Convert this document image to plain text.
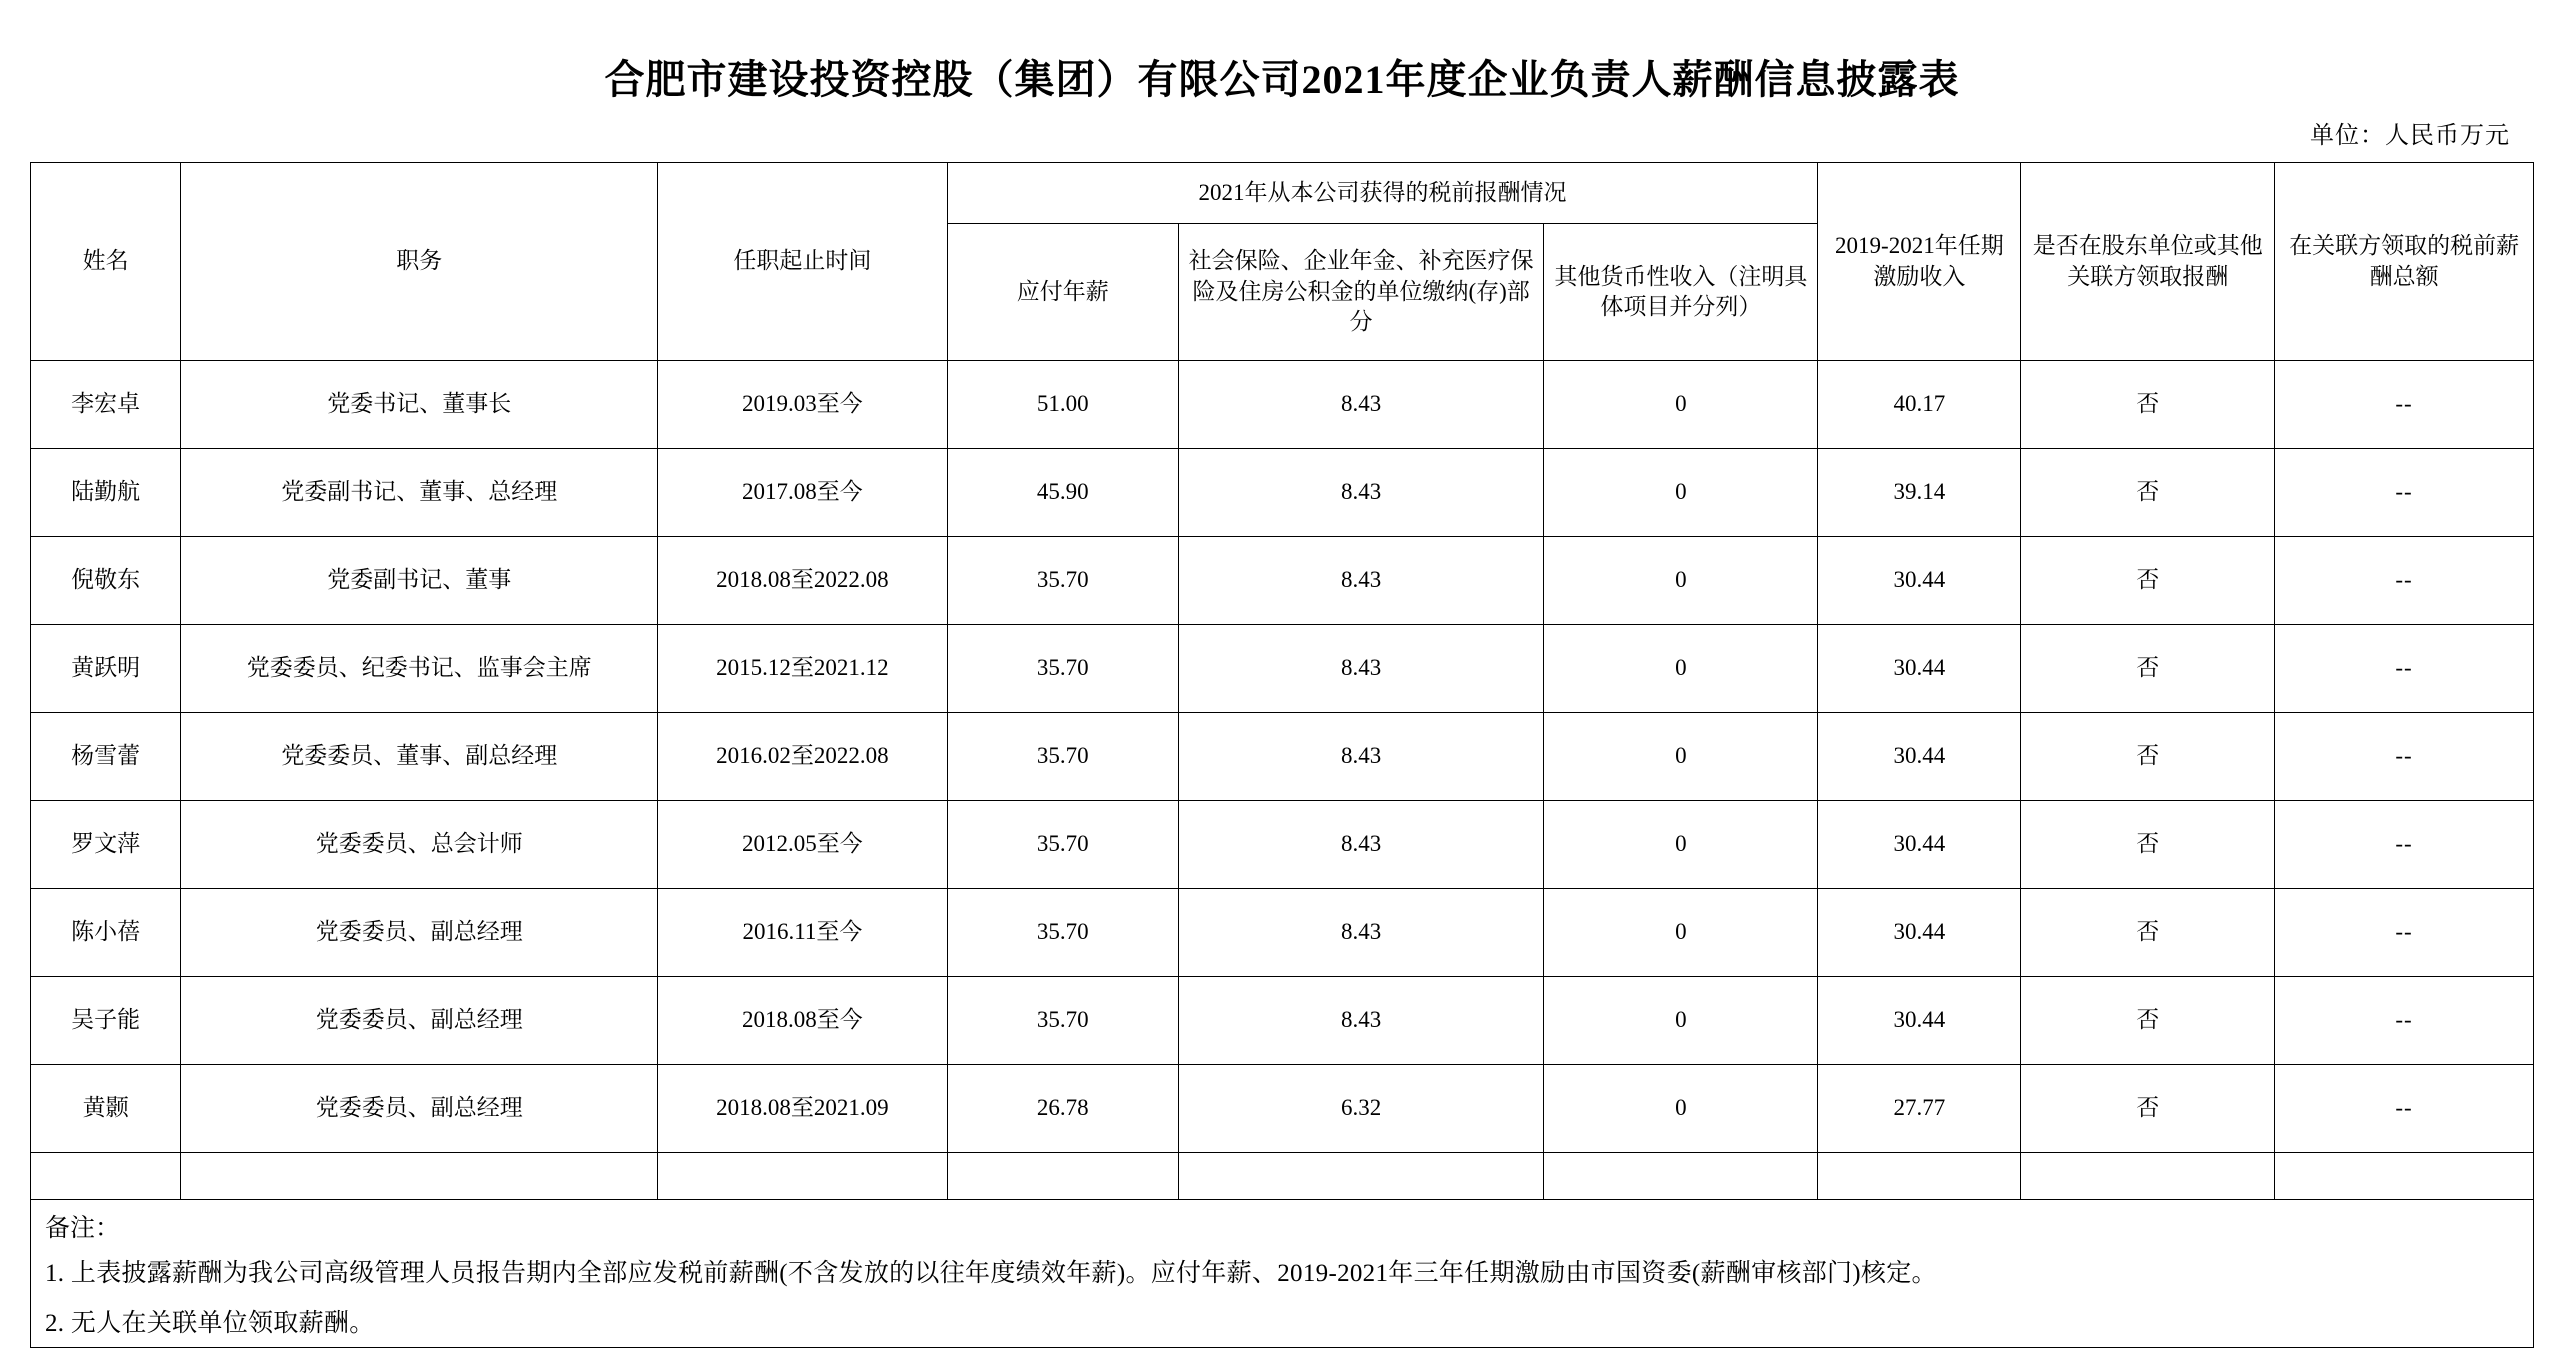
合肥市建设投资控股（集团）有限公司2021年度企业负责人薪酬信息披露表
单位：人民币万元
姓名	职务	任职起止时间	2021年从本公司获得的税前报酬情况			2019-2021年任期激励收入	是否在股东单位或其他关联方领取报酬	在关联方领取的税前薪酬总额
			应付年薪	社会保险、企业年金、补充医疗保险及住房公积金的单位缴纳(存)部分	其他货币性收入（注明具体项目并分列）			
李宏卓	党委书记、董事长	2019.03至今	51.00	8.43	0	40.17	否	--
陆勤航	党委副书记、董事、总经理	2017.08至今	45.90	8.43	0	39.14	否	--
倪敬东	党委副书记、董事	2018.08至2022.08	35.70	8.43	0	30.44	否	--
黄跃明	党委委员、纪委书记、监事会主席	2015.12至2021.12	35.70	8.43	0	30.44	否	--
杨雪蕾	党委委员、董事、副总经理	2016.02至2022.08	35.70	8.43	0	30.44	否	--
罗文萍	党委委员、总会计师	2012.05至今	35.70	8.43	0	30.44	否	--
陈小蓓	党委委员、副总经理	2016.11至今	35.70	8.43	0	30.44	否	--
吴子能	党委委员、副总经理	2018.08至今	35.70	8.43	0	30.44	否	--
黄颢	党委委员、副总经理	2018.08至2021.09	26.78	6.32	0	27.77	否	--

备注：
1. 上表披露薪酬为我公司高级管理人员报告期内全部应发税前薪酬(不含发放的以往年度绩效年薪)。应付年薪、2019-2021年三年任期激励由市国资委(薪酬审核部门)核定。
2. 无人在关联单位领取薪酬。
